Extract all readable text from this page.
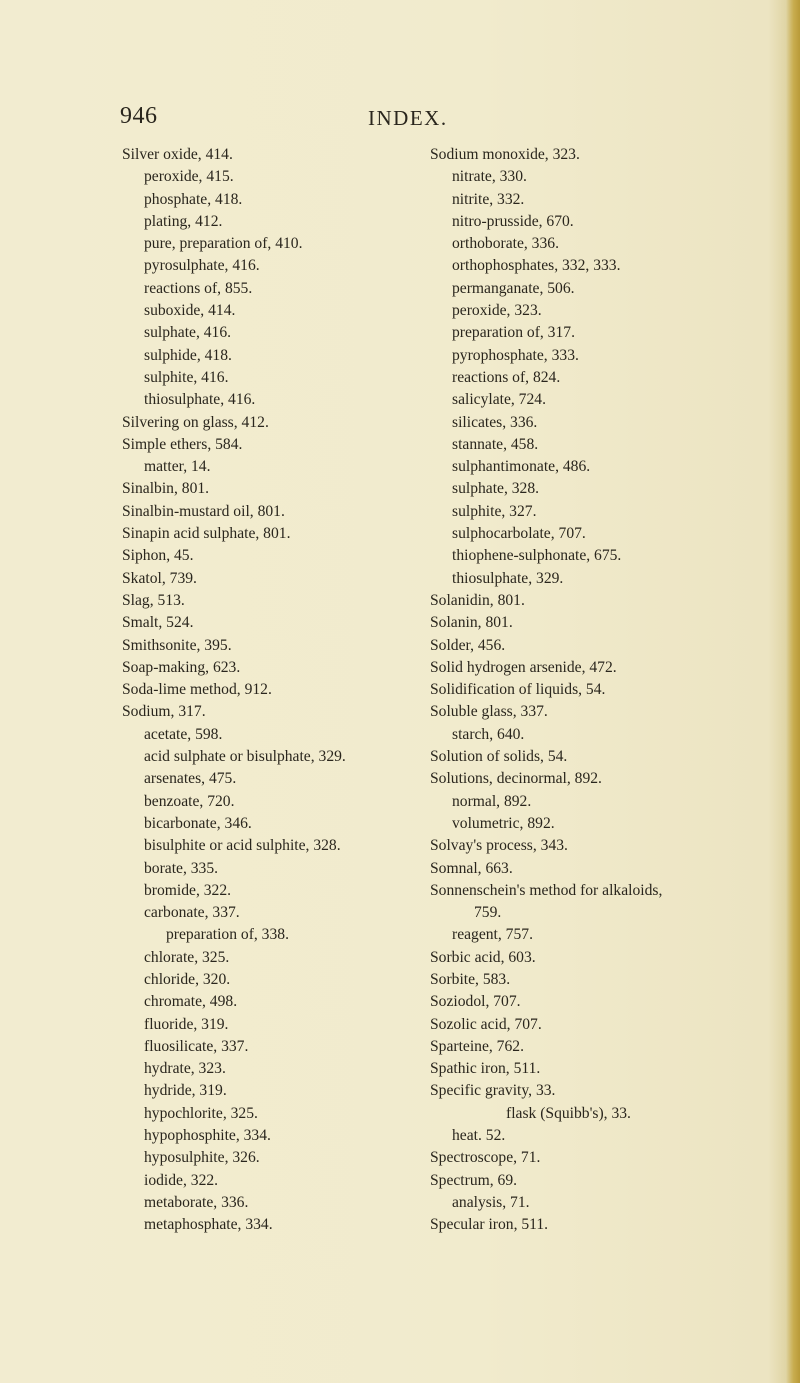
946	INDEX.
Silver oxide, 414.
peroxide, 415.
phosphate, 418.
plating, 412.
pure, preparation of, 410.
pyrosulphate, 416.
reactions of, 855.
suboxide, 414.
sulphate, 416.
sulphide, 418.
sulphite, 416.
thiosulphate, 416.
Silvering on glass, 412.
Simple ethers, 584.
matter, 14.
Sinalbin, 801.
Sinalbin-mustard oil, 801.
Sinapin acid sulphate, 801.
Siphon, 45.
Skatol, 739.
Slag, 513.
Smalt, 524.
Smithsonite, 395.
Soap-making, 623.
Soda-lime method, 912.
Sodium, 317.
acetate, 598.
acid sulphate or bisulphate, 329.
arsenates, 475.
benzoate, 720.
bicarbonate, 346.
bisulphite or acid sulphite, 328.
borate, 335.
bromide, 322.
carbonate, 337.
preparation of, 338.
chlorate, 325.
chloride, 320.
chromate, 498.
fluoride, 319.
fluosilicate, 337.
hydrate, 323.
hydride, 319.
hypochlorite, 325.
hypophosphite, 334.
hyposulphite, 326.
iodide, 322.
metaborate, 336.
metaphosphate, 334.
Sodium monoxide, 323.
nitrate, 330.
nitrite, 332.
nitro-prusside, 670.
orthoborate, 336.
orthophosphates, 332, 333.
permanganate, 506.
peroxide, 323.
preparation of, 317.
pyrophosphate, 333.
reactions of, 824.
salicylate, 724.
silicates, 336.
stannate, 458.
sulphantimonate, 486.
sulphate, 328.
sulphite, 327.
sulphocarbolate, 707.
thiophene-sulphonate, 675.
thiosulphate, 329.
Solanidin, 801.
Solanin, 801.
Solder, 456.
Solid hydrogen arsenide, 472.
Solidification of liquids, 54.
Soluble glass, 337.
starch, 640.
Solution of solids, 54.
Solutions, decinormal, 892.
normal, 892.
volumetric, 892.
Solvay's process, 343.
Somnal, 663.
Sonnenschein's method for alkaloids,
759.
reagent, 757.
Sorbic acid, 603.
Sorbite, 583.
Soziodol, 707.
Sozolic acid, 707.
Sparteine, 762.
Spathic iron, 511.
Specific gravity, 33.
flask (Squibb's), 33.
heat. 52.
Spectroscope, 71.
Spectrum, 69.
analysis, 71.
Specular iron, 511.
